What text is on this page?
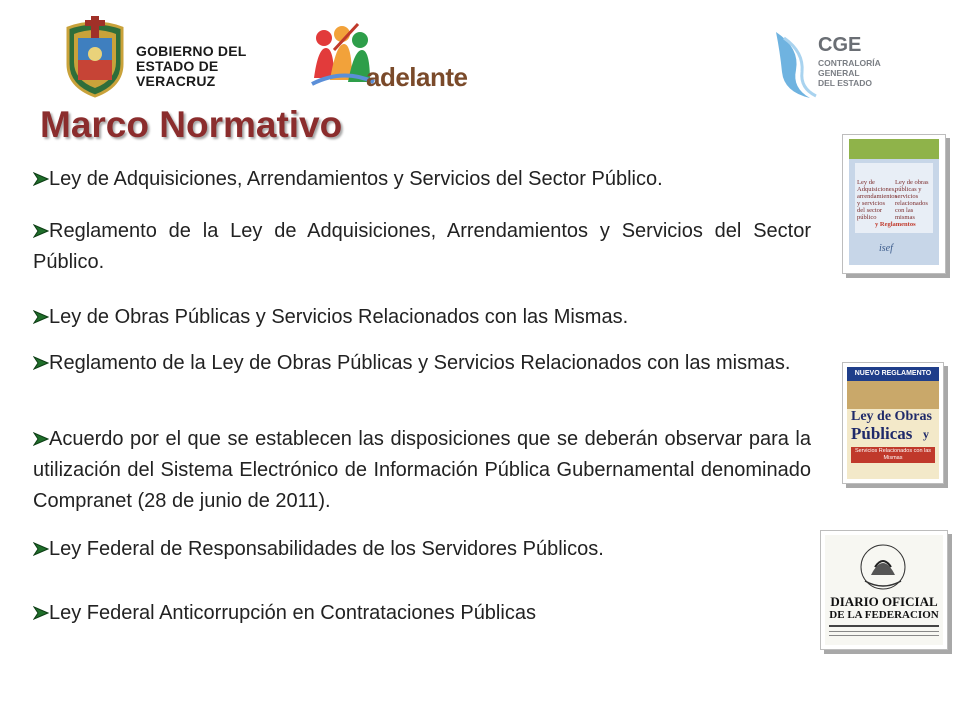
GOBIERNO DEL
ESTADO DE VERACRUZ	adelante
CGE
CONTRALORÍA GENERAL
DEL ESTADO
Marco Normativo
Ley de Adquisiciones, Arrendamientos y Servicios del Sector Público.
Reglamento de la Ley de Adquisiciones, Arrendamientos y Servicios del Sector Público.
Ley de Obras Públicas y Servicios Relacionados con las Mismas.
Reglamento de la Ley de Obras Públicas y Servicios Relacionados con las mismas.
Acuerdo por el que se establecen las disposiciones que se deberán observar para la utilización del Sistema Electrónico de Información Pública Gubernamental denominado Compranet (28 de junio de 2011).
Ley Federal de Responsabilidades de los Servidores Públicos.
Ley Federal Anticorrupción en Contrataciones Públicas
Ley de Adquisiciones, arrendamientos y servicios del sector público
Ley de obras públicas y servicios relacionados con las mismas
y Reglamentos
isef
NUEVO REGLAMENTO
Ley de Obras
Públicas y
Servicios Relacionados con las Mismas
DIARIO OFICIAL
DE LA FEDERACION
